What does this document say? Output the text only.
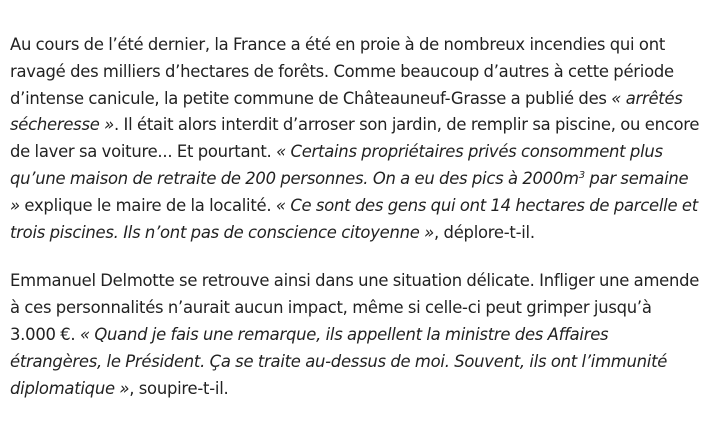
Au cours de l’été dernier, la France a été en proie à de nombreux incendies qui ont ravagé des milliers d’hectares de forêts. Comme beaucoup d’autres à cette période d’intense canicule, la petite commune de Châteauneuf-Grasse a publié des « arrêtés sécheresse ». Il était alors interdit d’arroser son jardin, de remplir sa piscine, ou encore de laver sa voiture... Et pourtant. « Certains propriétaires privés consomment plus qu’une maison de retraite de 200 personnes. On a eu des pics à $2000m^3$ par semaine » explique le maire de la localité. « Ce sont des gens qui ont 14 hectares de parcelle et trois piscines. Ils n’ont pas de conscience citoyenne », déplore-t-il.

Emmanuel Delmotte se retrouve ainsi dans une situation délicate. Infliger une amende à ces personnalités n’aurait aucun impact, même si celle-ci peut grimper jusqu’à 3.000 €. « Quand je fais une remarque, ils appellent la ministre des Affaires étrangères, le Président. Ça se traite au-dessus de moi. Souvent, ils ont l’immunité diplomatique », soupire-t-il.
